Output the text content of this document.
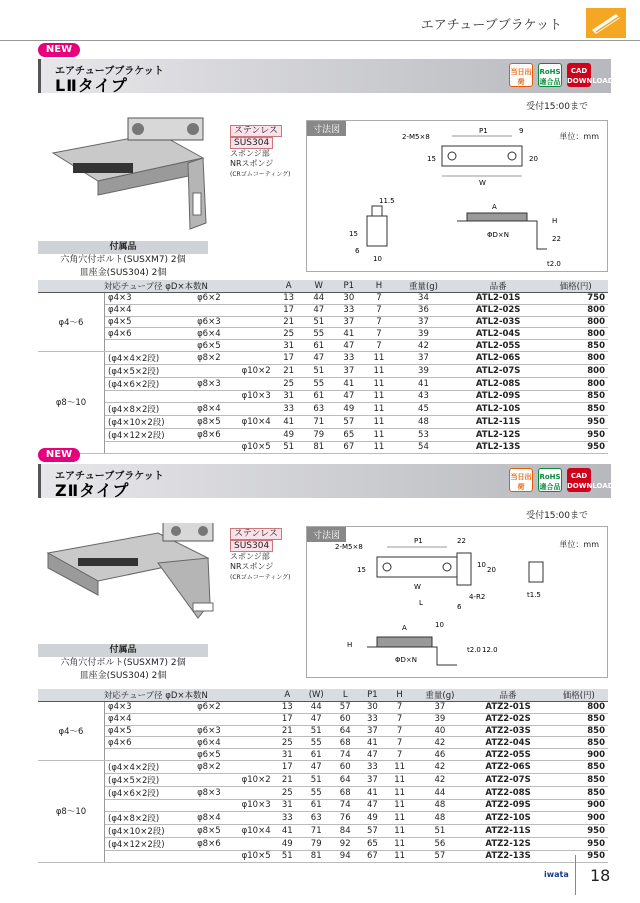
エアチューブブラケット
NEW
エアチューブブラケット
LⅡタイプ
当日出荷
RoHS 適合品
CAD DOWNLOAD
受付15:00まで
ステンレス
SUS304
スポンジ部
NRスポンジ
(CRゴムコーティング)
付属品
六角穴付ボルト(SUSXM7) 2個
皿座金(SUS304) 2個
寸法図
単位：mm
2-M5×8
P1	9
W
15	20
15
6
10
11.5
A
H
22
ΦD×N
t2.0
対応チューブ径 φD×本数N				A	W	P1	H	重量(g)	品番	価格(円)
φ4～6	φ4×3	φ6×2		13	44	30	7	34	ATL2-01S	750
	φ4×4			17	47	33	7	36	ATL2-02S	800
	φ4×5	φ6×3		21	51	37	7	37	ATL2-03S	800
	φ4×6	φ6×4		25	55	41	7	39	ATL2-04S	800
		φ6×5		31	61	47	7	42	ATL2-05S	850
φ8～10	(φ4×4×2段)	φ8×2		17	47	33	11	37	ATL2-06S	800
	(φ4×5×2段)		φ10×2	21	51	37	11	39	ATL2-07S	800
	(φ4×6×2段)	φ8×3		25	55	41	11	41	ATL2-08S	800
			φ10×3	31	61	47	11	43	ATL2-09S	850
	(φ4×8×2段)	φ8×4		33	63	49	11	45	ATL2-10S	850
	(φ4×10×2段)	φ8×5	φ10×4	41	71	57	11	48	ATL2-11S	950
	(φ4×12×2段)	φ8×6		49	79	65	11	53	ATL2-12S	950
			φ10×5	51	81	67	11	54	ATL2-13S	950
NEW
エアチューブブラケット
ZⅡタイプ
当日出荷
RoHS 適合品
CAD DOWNLOAD
受付15:00まで
ステンレス
SUS304
スポンジ部
NRスポンジ
(CRゴムコーティング)
付属品
六角穴付ボルト(SUSXM7) 2個
皿座金(SUS304) 2個
寸法図
単位：mm
2-M5×8
P1	22
15
10
20
W
L
4-R2
6
t1.5
A
H
ΦD×N
10
t2.0 12.0
対応チューブ径 φD×本数N				A	(W)	L	P1	H	重量(g)	品番	価格(円)
φ4～6	φ4×3	φ6×2		13	44	57	30	7	37	ATZ2-01S	800
	φ4×4			17	47	60	33	7	39	ATZ2-02S	850
	φ4×5	φ6×3		21	51	64	37	7	40	ATZ2-03S	850
	φ4×6	φ6×4		25	55	68	41	7	42	ATZ2-04S	850
		φ6×5		31	61	74	47	7	46	ATZ2-05S	900
φ8～10	(φ4×4×2段)	φ8×2		17	47	60	33	11	42	ATZ2-06S	850
	(φ4×5×2段)		φ10×2	21	51	64	37	11	42	ATZ2-07S	850
	(φ4×6×2段)	φ8×3		25	55	68	41	11	44	ATZ2-08S	850
			φ10×3	31	61	74	47	11	48	ATZ2-09S	900
	(φ4×8×2段)	φ8×4		33	63	76	49	11	48	ATZ2-10S	900
	(φ4×10×2段)	φ8×5	φ10×4	41	71	84	57	11	51	ATZ2-11S	950
	(φ4×12×2段)	φ8×6		49	79	92	65	11	56	ATZ2-12S	950
			φ10×5	51	81	94	67	11	57	ATZ2-13S	950
iwata 18
